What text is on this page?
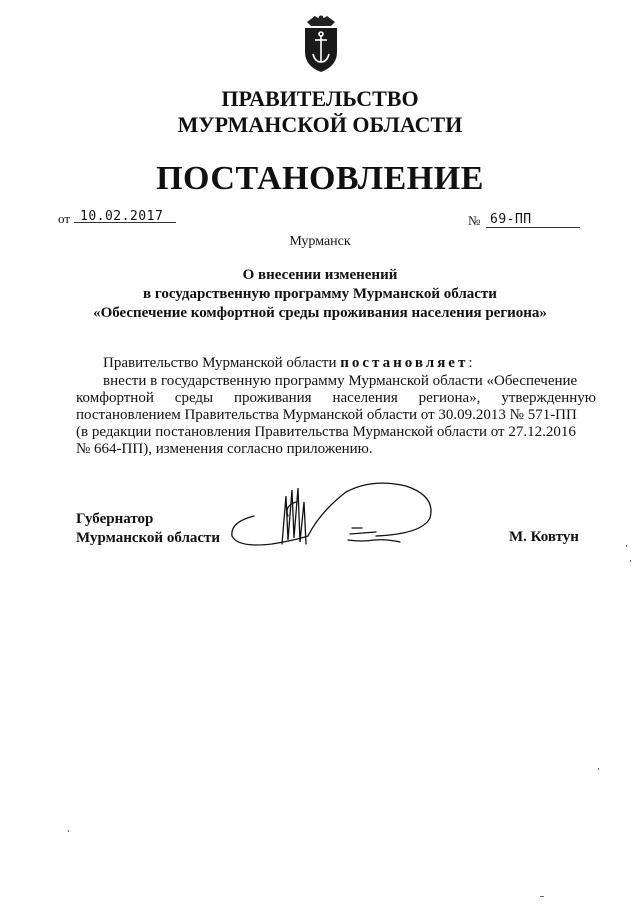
ПРАВИТЕЛЬСТВО
МУРМАНСКОЙ ОБЛАСТИ
ПОСТАНОВЛЕНИЕ
от 10.02.2017	№ 69-ПП
Мурманск
О внесении изменений
в государственную программу Мурманской области
«Обеспечение комфортной среды проживания населения региона»
Правительство Мурманской области постановляет:
внести в государственную программу Мурманской области «Обеспечение
комфортной среды проживания населения региона», утвержденную
постановлением Правительства Мурманской области от 30.09.2013 № 571-ПП
(в редакции постановления Правительства Мурманской области от 27.12.2016
№ 664-ПП), изменения согласно приложению.
Губернатор
Мурманской области	М. Ковтун
